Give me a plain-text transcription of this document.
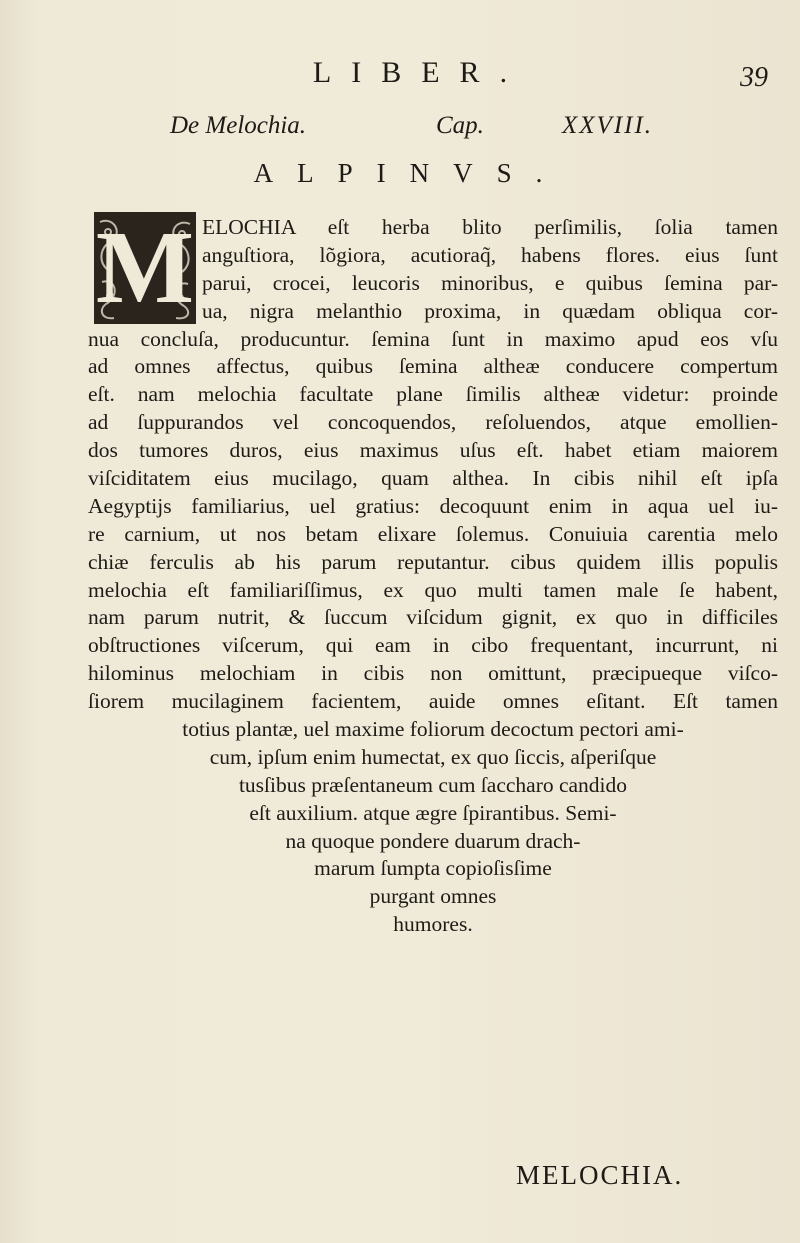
LIBER.	39
De Melochia.	Cap.	XXVIII.
ALPINVS.
M ELOCHIA eſt herba blito perſimilis, ſolia tamen
anguſtiora, lõgiora, acutioraq̃, habens flores. eius ſunt
parui, crocei, leucoris minoribus, e quibus ſemina par-
ua, nigra melanthio proxima, in quædam obliqua cor-
nua concluſa, producuntur. ſemina ſunt in maximo apud eos vſu
ad omnes affectus, quibus ſemina altheæ conducere compertum
eſt. nam melochia facultate plane ſimilis altheæ videtur: proinde
ad ſuppurandos vel concoquendos, reſoluendos, atque emollien-
dos tumores duros, eius maximus uſus eſt. habet etiam maiorem
viſciditatem eius mucilago, quam althea. In cibis nihil eſt ipſa
Aegyptijs familiarius, uel gratius: decoquunt enim in aqua uel iu-
re carnium, ut nos betam elixare ſolemus. Conuiuia carentia melo
chiæ ferculis ab his parum reputantur. cibus quidem illis populis
melochia eſt familiariſſimus, ex quo multi tamen male ſe habent,
nam parum nutrit, & ſuccum viſcidum gignit, ex quo in difficiles
obſtructiones viſcerum, qui eam in cibo frequentant, incurrunt, ni
hilominus melochiam in cibis non omittunt, præcipueque viſco-
ſiorem mucilaginem facientem, auide omnes eſitant. Eſt tamen
totius plantæ, uel maxime foliorum decoctum pectori ami-
cum, ipſum enim humectat, ex quo ſiccis, aſperiſque
tusſibus præſentaneum cum ſaccharo candido
eſt auxilium. atque ægre ſpirantibus. Semi-
na quoque pondere duarum drach-
marum ſumpta copioſisſime
purgant omnes
humores.
MELOCHIA.
